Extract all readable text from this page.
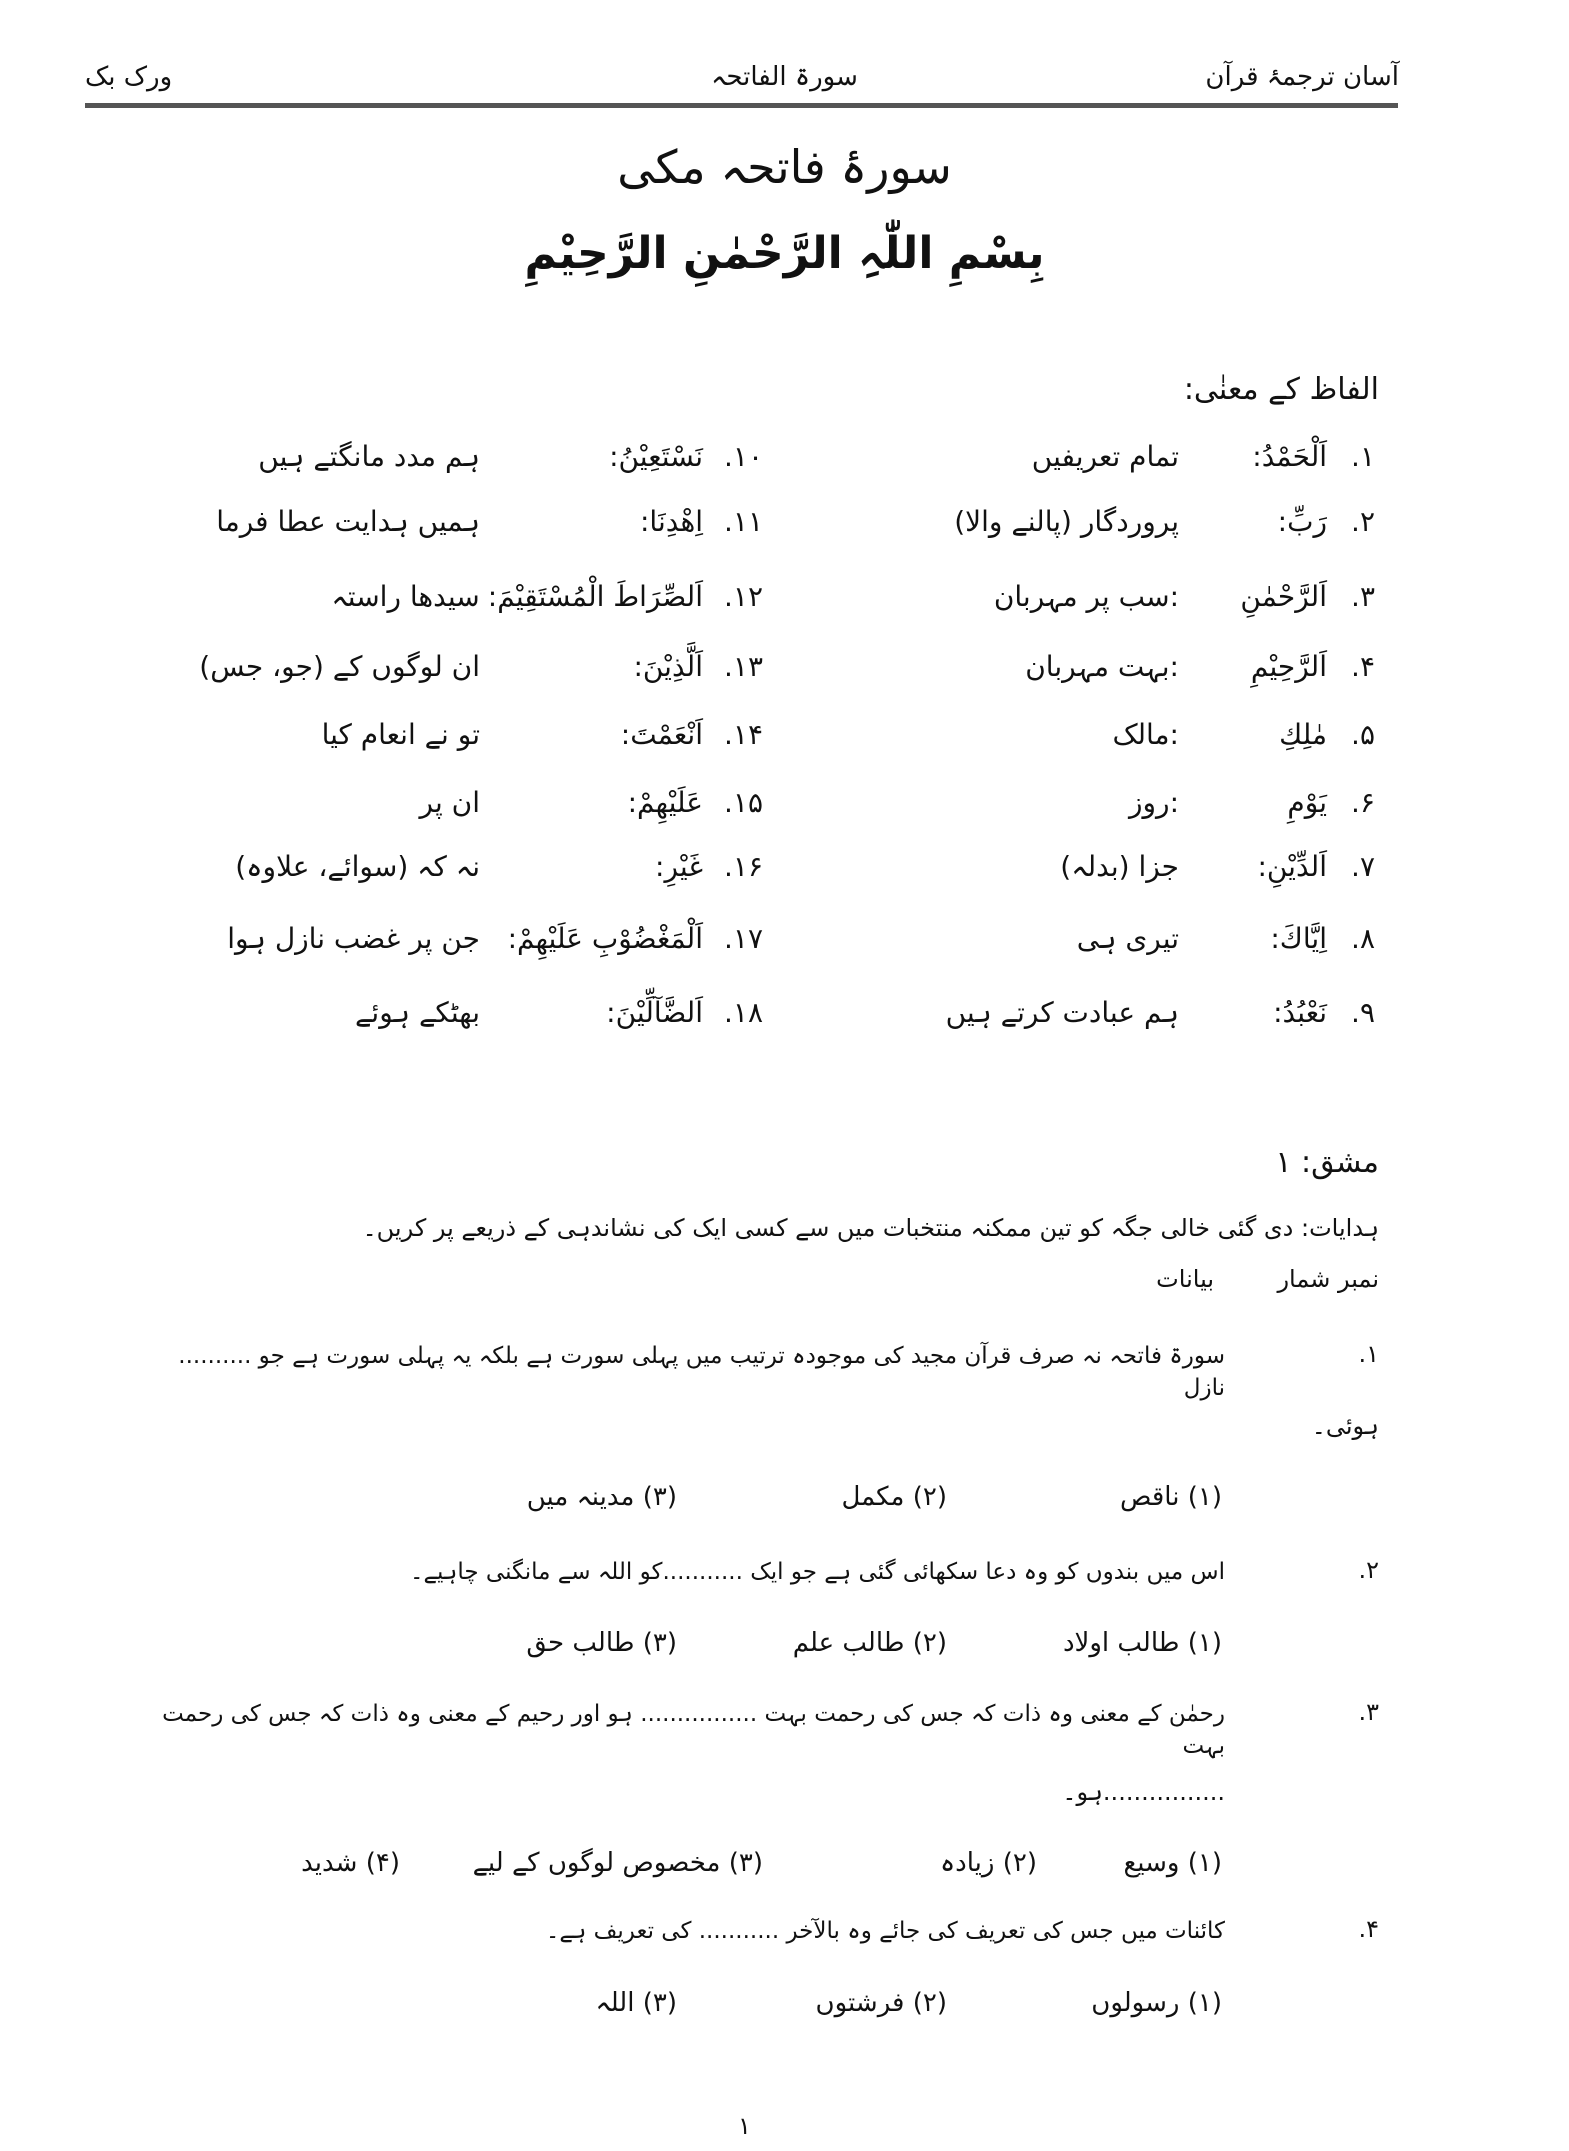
آسان ترجمۂ قرآن
سورۃ الفاتحہ
ورک بک
سورۂ فاتحہ مکی
بِسْمِ اللّٰہِ الرَّحْمٰنِ الرَّحِیْمِ
الفاظ کے معنٰی:
۱.
اَلْحَمْدُ:
تمام تعریفیں
۲.
رَبِّ:
پروردگار (پالنے والا)
۳.
اَلرَّحْمٰنِ
:سب پر مہربان
۴.
اَلرَّحِیْمِ
:بہت مہربان
۵.
مٰلِكِ
:مالک
۶.
یَوْمِ
:روز
۷.
اَلدِّیْنِ:
جزا (بدلہ)
۸.
اِیَّاكَ:
تیری ہی
۹.
نَعْبُدُ:
ہم عبادت کرتے ہیں
۱۰.
نَسْتَعِیْنُ:
ہم مدد مانگتے ہیں
۱۱.
اِھْدِنَا:
ہمیں ہدایت عطا فرما
۱۲.
اَلصِّرَاطَ الْمُسْتَقِیْمَ:
سیدھا راستہ
۱۳.
اَلَّذِیْنَ:
ان لوگوں کے (جو، جس)
۱۴.
اَنْعَمْتَ:
تو نے انعام کیا
۱۵.
عَلَیْھِمْ:
ان پر
۱۶.
غَیْرِ:
نہ کہ (سوائے، علاوہ)
۱۷.
اَلْمَغْضُوْبِ عَلَیْھِمْ:
جن پر غضب نازل ہوا
۱۸.
اَلضَّآلِّیْنَ:
بھٹکے ہوئے
مشق: ۱
ہدایات: دی گئی خالی جگہ کو تین ممکنہ منتخبات میں سے کسی ایک کی نشاندہی کے ذریعے پر کریں۔
نمبر شمار
بیانات
۱.
سورۃ فاتحہ نہ صرف قرآن مجید کی موجودہ ترتیب میں پہلی سورت ہے بلکہ یہ پہلی سورت ہے جو .......... نازل
ہوئی۔
(۱) ناقص
(۲) مکمل
(۳) مدینہ میں
۲.
اس میں بندوں کو وہ دعا سکھائی گئی ہے جو ایک ...........کو اللہ سے مانگنی چاہیے۔
(۱) طالب اولاد
(۲) طالب علم
(۳) طالب حق
۳.
رحمٰن کے معنی وہ ذات کہ جس کی رحمت بہت ................ ہو اور رحیم کے معنی وہ ذات کہ جس کی رحمت بہت
................ہو۔
(۱) وسیع
(۲) زیادہ
(۳) مخصوص لوگوں کے لیے
(۴) شدید
۴.
کائنات میں جس کی تعریف کی جائے وہ بالآخر ........... کی تعریف ہے۔
(۱) رسولوں
(۲) فرشتوں
(۳) اللہ
۱
